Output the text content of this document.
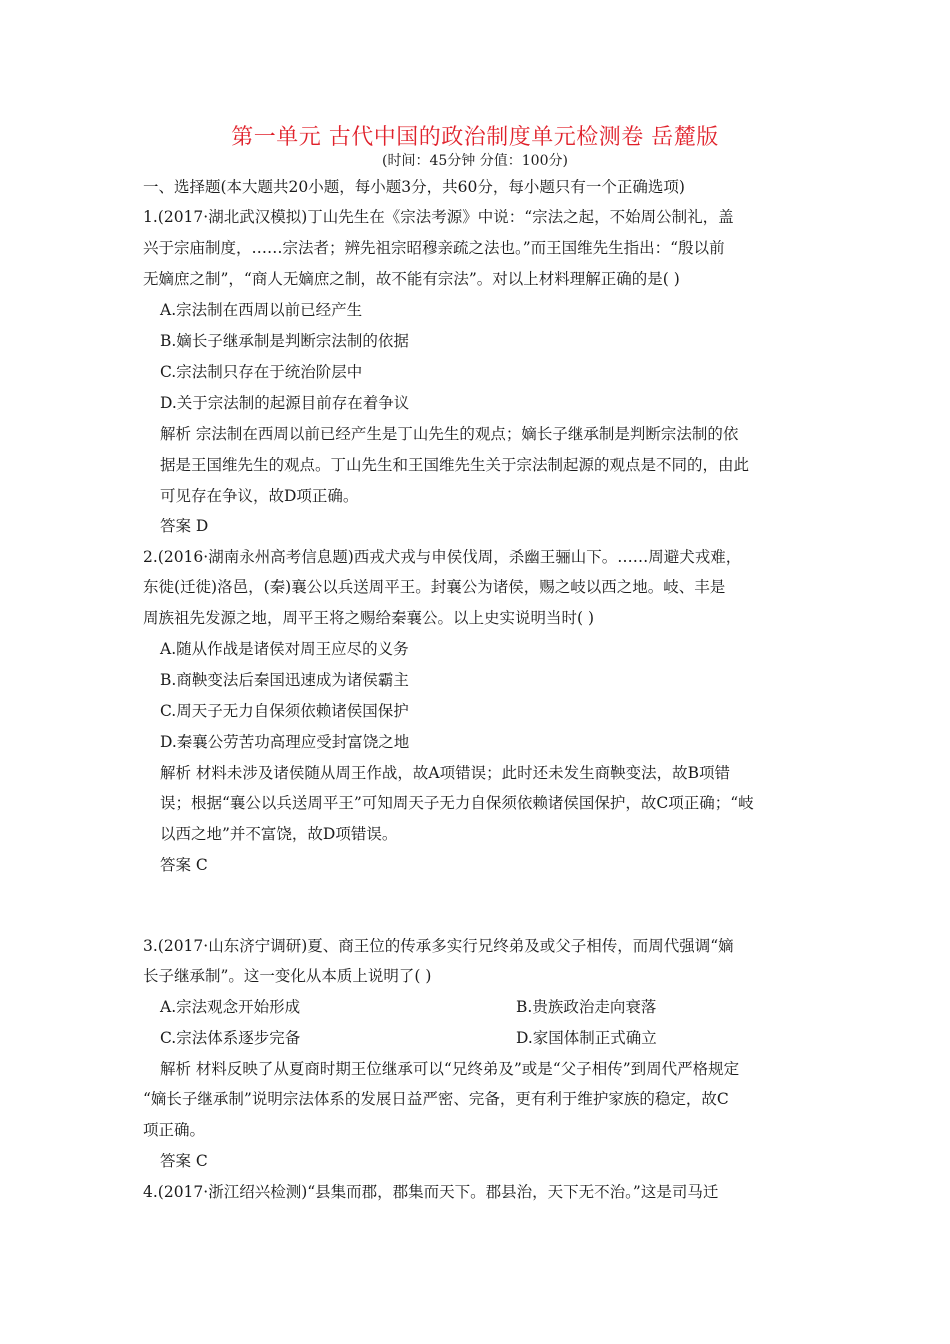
第一单元 古代中国的政治制度单元检测卷 岳麓版
(时间：45分钟 分值：100分)
一、选择题(本大题共20小题，每小题3分，共60分，每小题只有一个正确选项)
1.(2017·湖北武汉模拟)丁山先生在《宗法考源》中说：“宗法之起，不始周公制礼，盖
兴于宗庙制度，……宗法者；辨先祖宗昭穆亲疏之法也。”而王国维先生指出：“殷以前
无嫡庶之制”，“商人无嫡庶之制，故不能有宗法”。对以上材料理解正确的是( )
A.宗法制在西周以前已经产生
B.嫡长子继承制是判断宗法制的依据
C.宗法制只存在于统治阶层中
D.关于宗法制的起源目前存在着争议
解析 宗法制在西周以前已经产生是丁山先生的观点；嫡长子继承制是判断宗法制的依
据是王国维先生的观点。丁山先生和王国维先生关于宗法制起源的观点是不同的，由此
可见存在争议，故D项正确。
答案 D
2.(2016·湖南永州高考信息题)西戎犬戎与申侯伐周，杀幽王骊山下。……周避犬戎难，
东徙(迁徙)洛邑，(秦)襄公以兵送周平王。封襄公为诸侯，赐之岐以西之地。岐、丰是
周族祖先发源之地，周平王将之赐给秦襄公。以上史实说明当时( )
A.随从作战是诸侯对周王应尽的义务
B.商鞅变法后秦国迅速成为诸侯霸主
C.周天子无力自保须依赖诸侯国保护
D.秦襄公劳苦功高理应受封富饶之地
解析 材料未涉及诸侯随从周王作战，故A项错误；此时还未发生商鞅变法，故B项错
误；根据“襄公以兵送周平王”可知周天子无力自保须依赖诸侯国保护，故C项正确；“岐
以西之地”并不富饶，故D项错误。
答案 C
3.(2017·山东济宁调研)夏、商王位的传承多实行兄终弟及或父子相传，而周代强调“嫡
长子继承制”。这一变化从本质上说明了( )
A.宗法观念开始形成	B.贵族政治走向衰落
C.宗法体系逐步完备	D.家国体制正式确立
解析 材料反映了从夏商时期王位继承可以“兄终弟及”或是“父子相传”到周代严格规定
“嫡长子继承制”说明宗法体系的发展日益严密、完备，更有利于维护家族的稳定，故C
项正确。
答案 C
4.(2017·浙江绍兴检测)“县集而郡，郡集而天下。郡县治，天下无不治。”这是司马迁
